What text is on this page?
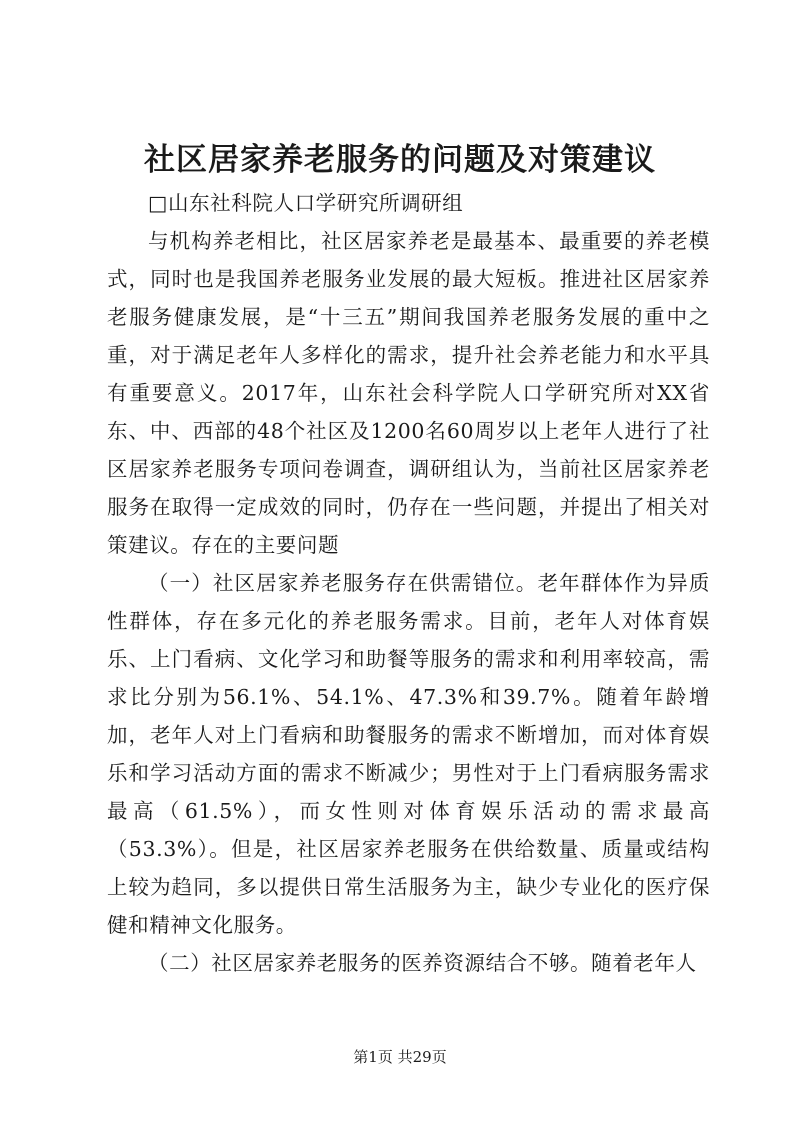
社区居家养老服务的问题及对策建议

□山东社科院人口学研究所调研组

与机构养老相比，社区居家养老是最基本、最重要的养老模式，同时也是我国养老服务业发展的最大短板。推进社区居家养老服务健康发展，是“十三五”期间我国养老服务发展的重中之重，对于满足老年人多样化的需求，提升社会养老能力和水平具有重要意义。2017年，山东社会科学院人口学研究所对XX省东、中、西部的48个社区及1200名60周岁以上老年人进行了社区居家养老服务专项问卷调查，调研组认为，当前社区居家养老服务在取得一定成效的同时，仍存在一些问题，并提出了相关对策建议。存在的主要问题

（一）社区居家养老服务存在供需错位。老年群体作为异质性群体，存在多元化的养老服务需求。目前，老年人对体育娱乐、上门看病、文化学习和助餐等服务的需求和利用率较高，需求比分别为56.1%、54.1%、47.3%和39.7%。随着年龄增加，老年人对上门看病和助餐服务的需求不断增加，而对体育娱乐和学习活动方面的需求不断减少；男性对于上门看病服务需求最高（61.5%），而女性则对体育娱乐活动的需求最高（53.3%）。但是，社区居家养老服务在供给数量、质量或结构上较为趋同，多以提供日常生活服务为主，缺少专业化的医疗保健和精神文化服务。

（二）社区居家养老服务的医养资源结合不够。随着老年人

第1页 共29页
